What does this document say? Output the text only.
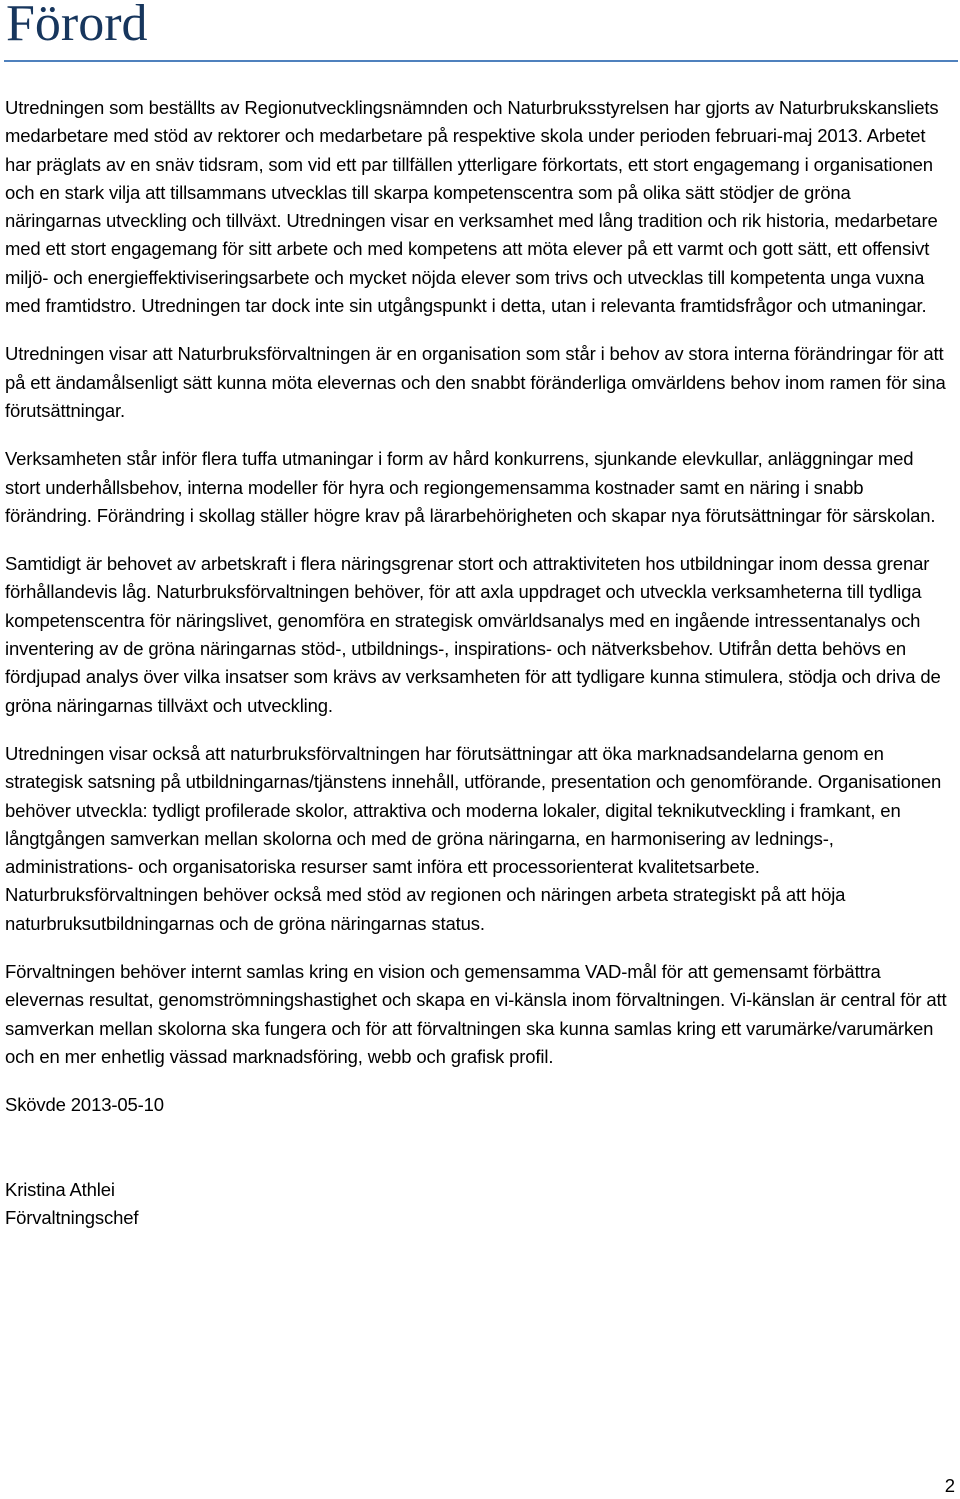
Förord

Utredningen som beställts av Regionutvecklingsnämnden och Naturbruksstyrelsen har gjorts av Naturbrukskansliets medarbetare med stöd av rektorer och medarbetare på respektive skola under perioden februari-maj 2013. Arbetet har präglats av en snäv tidsram, som vid ett par tillfällen ytterligare förkortats, ett stort engagemang i organisationen och en stark vilja att tillsammans utvecklas till skarpa kompetenscentra som på olika sätt stödjer de gröna näringarnas utveckling och tillväxt. Utredningen visar en verksamhet med lång tradition och rik historia, medarbetare med ett stort engagemang för sitt arbete och med kompetens att möta elever på ett varmt och gott sätt, ett offensivt miljö- och energieffektiviseringsarbete och mycket nöjda elever som trivs och utvecklas till kompetenta unga vuxna med framtidstro. Utredningen tar dock inte sin utgångspunkt i detta, utan i relevanta framtidsfrågor och utmaningar.

Utredningen visar att Naturbruksförvaltningen är en organisation som står i behov av stora interna förändringar för att på ett ändamålsenligt sätt kunna möta elevernas och den snabbt föränderliga omvärldens behov inom ramen för sina förutsättningar.

Verksamheten står inför flera tuffa utmaningar i form av hård konkurrens, sjunkande elevkullar, anläggningar med stort underhållsbehov, interna modeller för hyra och regiongemensamma kostnader samt en näring i snabb förändring. Förändring i skollag ställer högre krav på lärarbehörigheten och skapar nya förutsättningar för särskolan.

Samtidigt är behovet av arbetskraft i flera näringsgrenar stort och attraktiviteten hos utbildningar inom dessa grenar förhållandevis låg. Naturbruksförvaltningen behöver, för att axla uppdraget och utveckla verksamheterna till tydliga kompetenscentra för näringslivet, genomföra en strategisk omvärldsanalys med en ingående intressentanalys och inventering av de gröna näringarnas stöd-, utbildnings-, inspirations- och nätverksbehov. Utifrån detta behövs en fördjupad analys över vilka insatser som krävs av verksamheten för att tydligare kunna stimulera, stödja och driva de gröna näringarnas tillväxt och utveckling.

Utredningen visar också att naturbruksförvaltningen har förutsättningar att öka marknadsandelarna genom en strategisk satsning på utbildningarnas/tjänstens innehåll, utförande, presentation och genomförande. Organisationen behöver utveckla: tydligt profilerade skolor, attraktiva och moderna lokaler, digital teknikutveckling i framkant, en långtgången samverkan mellan skolorna och med de gröna näringarna, en harmonisering av lednings-, administrations- och organisatoriska resurser samt införa ett processorienterat kvalitetsarbete. Naturbruksförvaltningen behöver också med stöd av regionen och näringen arbeta strategiskt på att höja naturbruksutbildningarnas och de gröna näringarnas status.

Förvaltningen behöver internt samlas kring en vision och gemensamma VAD-mål för att gemensamt förbättra elevernas resultat, genomströmningshastighet och skapa en vi-känsla inom förvaltningen. Vi-känslan är central för att samverkan mellan skolorna ska fungera och för att förvaltningen ska kunna samlas kring ett varumärke/varumärken och en mer enhetlig vässad marknadsföring, webb och grafisk profil.

Skövde 2013-05-10

Kristina Athlei
Förvaltningschef
2
